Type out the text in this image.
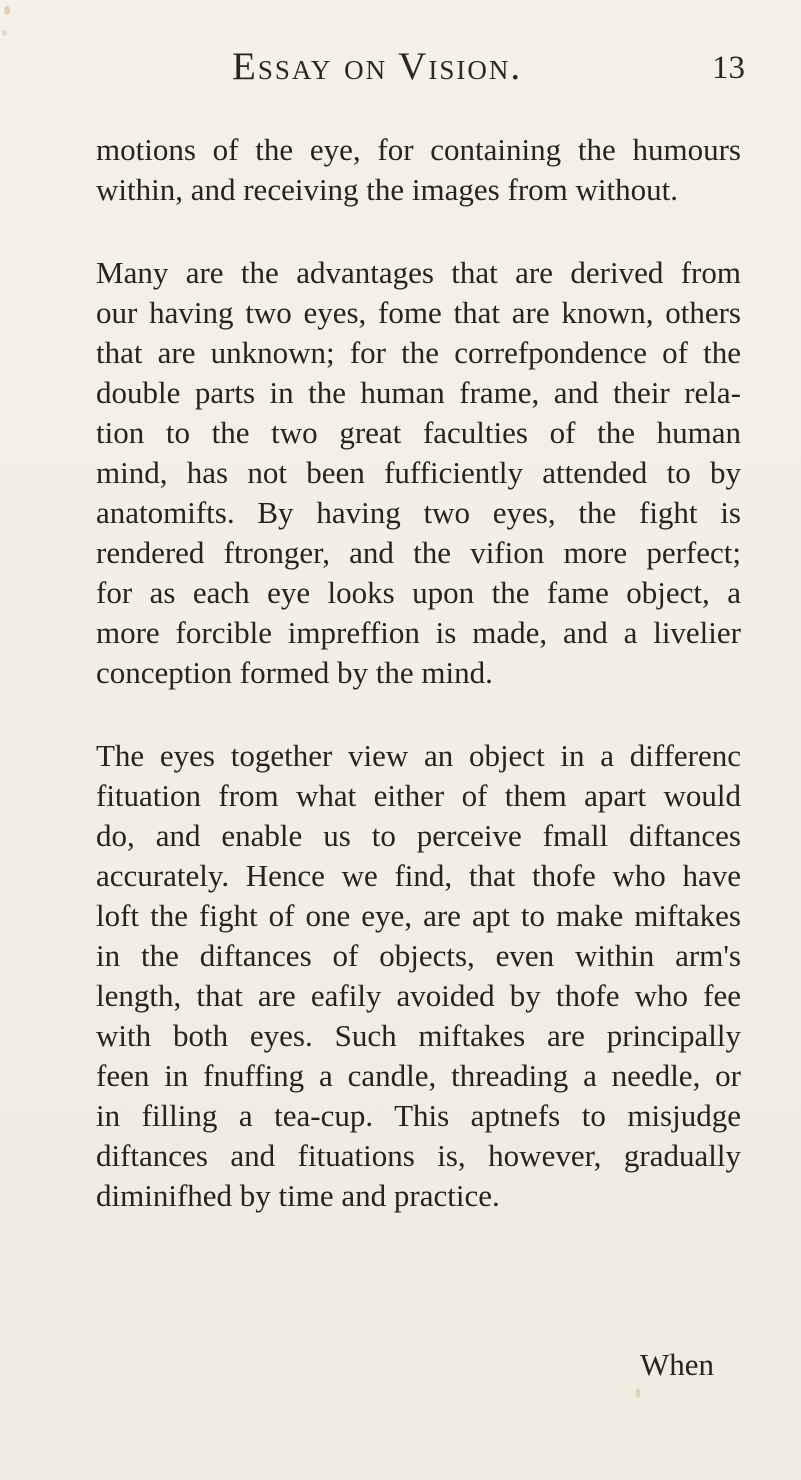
Essay on Vision.	13
motions of the eye, for containing the humours
within, and receiving the images from without.
Many are the advantages that are derived from
our having two eyes, fome that are known, others
that are unknown; for the correfpondence of the
double parts in the human frame, and their rela-
tion to the two great faculties of the human
mind, has not been fufficiently attended to by
anatomifts. By having two eyes, the fight is
rendered ftronger, and the vifion more perfect;
for as each eye looks upon the fame object, a
more forcible impreffion is made, and a livelier
conception formed by the mind.
The eyes together view an object in a differenc
fituation from what either of them apart would
do, and enable us to perceive fmall diftances
accurately. Hence we find, that thofe who have
loft the fight of one eye, are apt to make miftakes
in the diftances of objects, even within arm's
length, that are eafily avoided by thofe who fee
with both eyes. Such miftakes are principally
feen in fnuffing a candle, threading a needle, or
in filling a tea-cup. This aptnefs to misjudge
diftances and fituations is, however, gradually
diminifhed by time and practice.
When
